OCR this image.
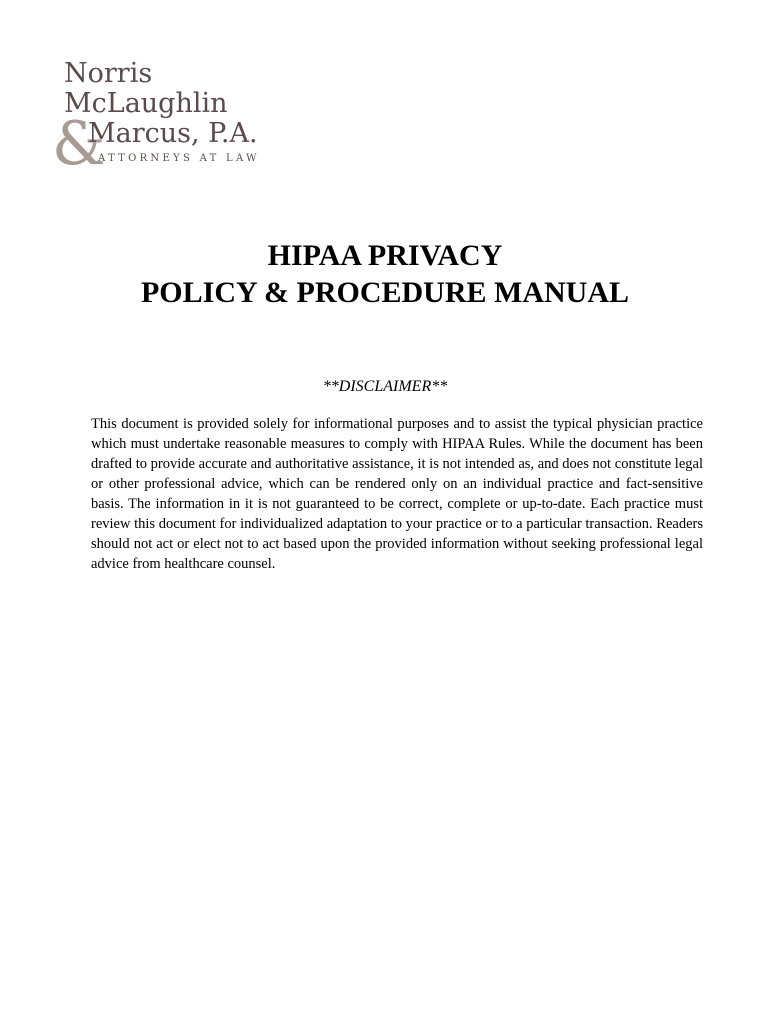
Norris
McLaughlin
&
Marcus, P.A.
ATTORNEYS AT LAW
HIPAA PRIVACY
POLICY & PROCEDURE MANUAL
**DISCLAIMER**

This document is provided solely for informational purposes and to assist the typical physician practice which must undertake reasonable measures to comply with HIPAA Rules. While the document has been drafted to provide accurate and authoritative assistance, it is not intended as, and does not constitute legal or other professional advice, which can be rendered only on an individual practice and fact-sensitive basis. The information in it is not guaranteed to be correct, complete or up-to-date. Each practice must review this document for individualized adaptation to your practice or to a particular transaction. Readers should not act or elect not to act based upon the provided information without seeking professional legal advice from healthcare counsel.
